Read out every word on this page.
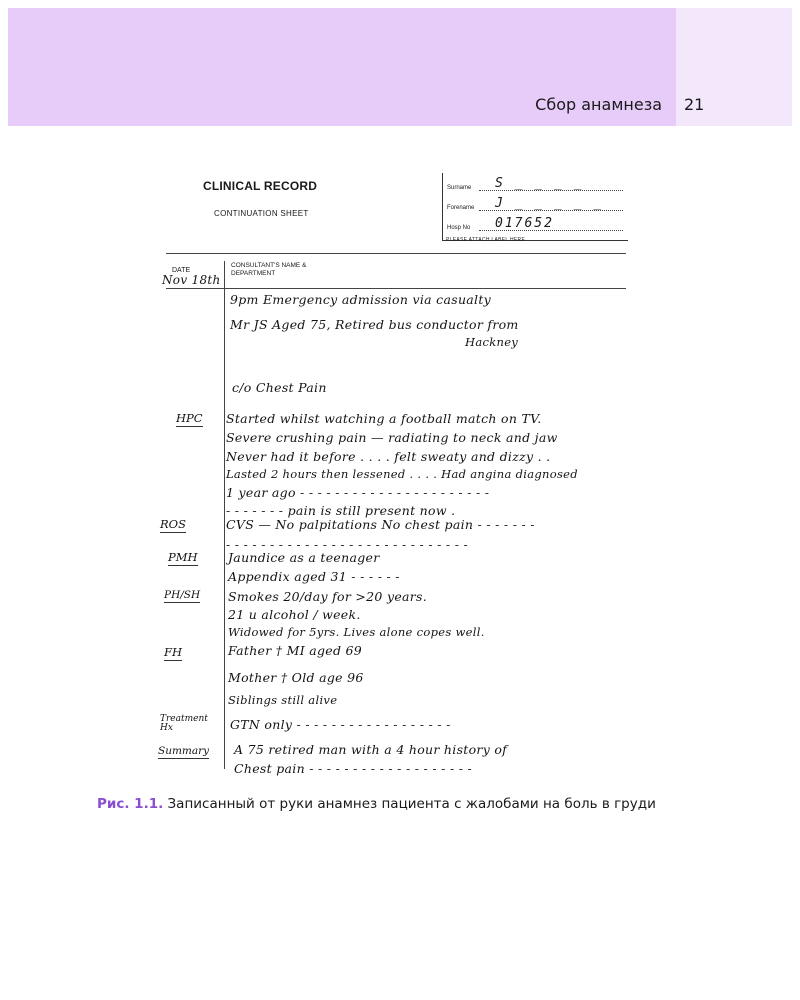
Сбор анамнеза 21
CLINICAL RECORD
CONTINUATION SHEET
Surname S _ _ _ _
Forename J _ _ _ _ _
Hosp No 017652
PLEASE ATTACH LABEL HERE
CONSULTANT'S NAME & DEPARTMENT
DATE
Nov 18th
9pm Emergency admission via casualty
Mr JS Aged 75, Retired bus conductor from
Hackney
c/o Chest Pain
HPC Started whilst watching a football match on TV.
Severe crushing pain — radiating to neck and jaw
Never had it before . . . . felt sweaty and dizzy . .
Lasted 2 hours then lessened . . . . Had angina diagnosed
1 year ago - - - - - - - - - - - - - - - - - - - - - -
- - - - - - - pain is still present now .
ROS	CVS — No palpitations No chest pain - - - - - - -
- - - - - - - - - - - - - - - - - - - - - - - - - - - -
PMH Jaundice as a teenager
Appendix aged 31 - - - - - -
PH/SH Smokes 20/day for >20 years.
21 u alcohol / week.
Widowed for 5yrs. Lives alone copes well.
FH	Father † MI aged 69
Mother † Old age 96
Siblings still alive
Treatment Hx	GTN only - - - - - - - - - - - - - - - - - -
Summary A 75 retired man with a 4 hour history of
Chest pain - - - - - - - - - - - - - - - - - - -
Рис. 1.1. Записанный от руки анамнез пациента с жалобами на боль в груди
